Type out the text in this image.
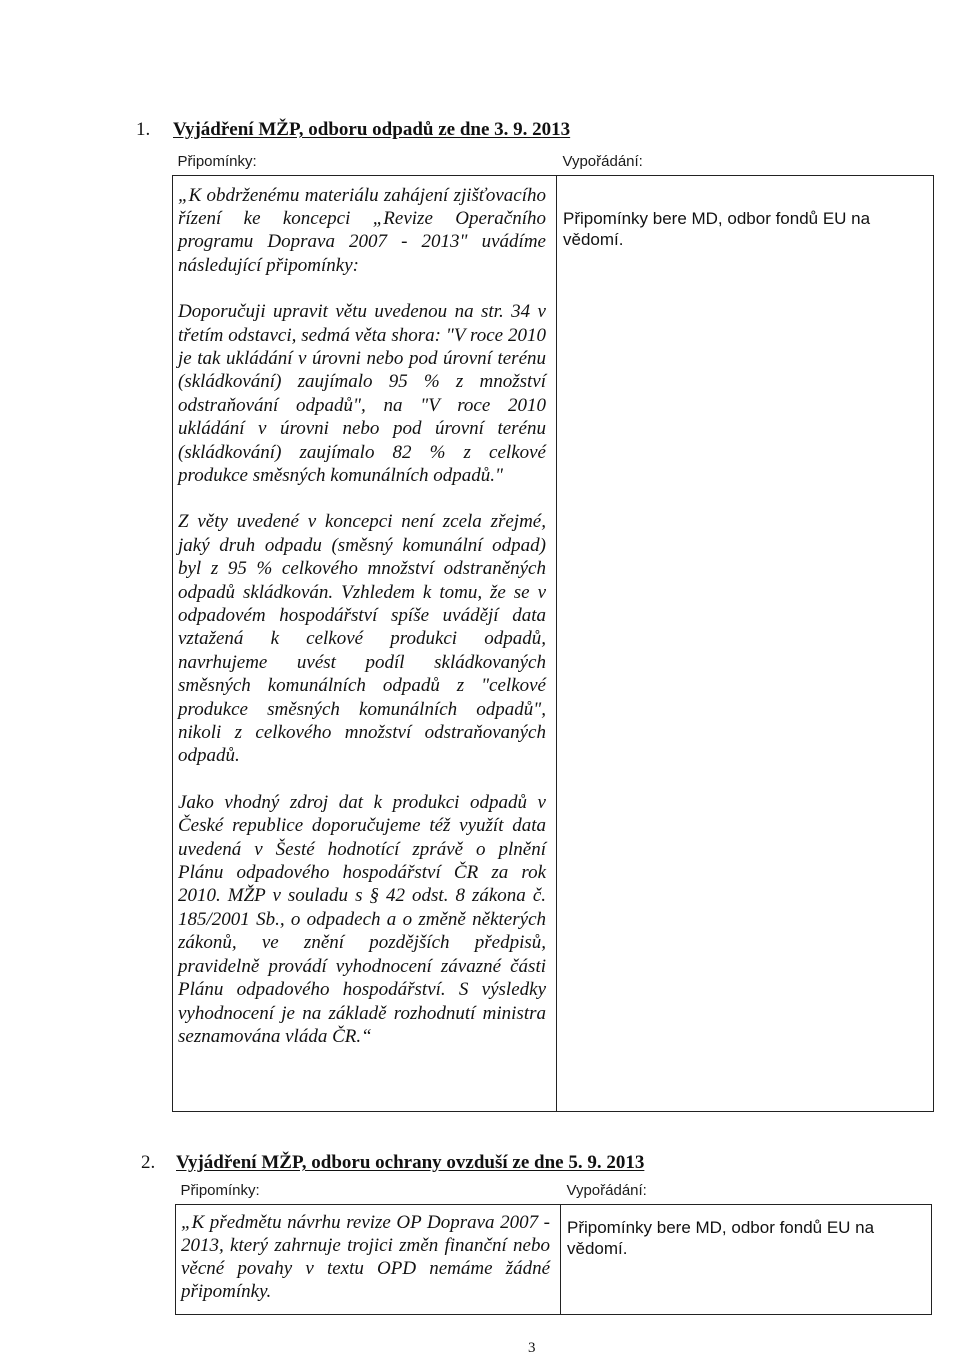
1. Vyjádření MŽP, odboru odpadů ze dne 3. 9. 2013
Připomínky:	Vypořádání:

„K obdrženému materiálu zahájení zjišťovacího řízení ke koncepci „Revize Operačního programu Doprava 2007 - 2013" uvádíme následující připomínky:

Doporučuji upravit větu uvedenou na str. 34 v třetím odstavci, sedmá věta shora: "V roce 2010 je tak ukládání v úrovni nebo pod úrovní terénu (skládkování) zaujímalo 95 % z množství odstraňování odpadů", na "V roce 2010 ukládání v úrovni nebo pod úrovní terénu (skládkování) zaujímalo 82 % z celkové produkce směsných komunálních odpadů."

Z věty uvedené v koncepci není zcela zřejmé, jaký druh odpadu (směsný komunální odpad) byl z 95 % celkového množství odstraněných odpadů skládkován. Vzhledem k tomu, že se v odpadovém hospodářství spíše uvádějí data vztažená k celkové produkci odpadů, navrhujeme uvést podíl skládkovaných směsných komunálních odpadů z "celkové produkce směsných komunálních odpadů", nikoli z celkového množství odstraňovaných odpadů.

Jako vhodný zdroj dat k produkci odpadů v České republice doporučujeme též využít data uvedená v Šesté hodnotící zprávě o plnění Plánu odpadového hospodářství ČR za rok 2010. MŽP v souladu s § 42 odst. 8 zákona č. 185/2001 Sb., o odpadech a o změně některých zákonů, ve znění pozdějších předpisů, pravidelně provádí vyhodnocení závazné části Plánu odpadového hospodářství. S výsledky vyhodnocení je na základě rozhodnutí ministra seznamována vláda ČR.“	Připomínky bere MD, odbor fondů EU na vědomí.
2. Vyjádření MŽP, odboru ochrany ovzduší ze dne 5. 9. 2013
Připomínky:	Vypořádání:

„K předmětu návrhu revize OP Doprava 2007 - 2013, který zahrnuje trojici změn finanční nebo věcné povahy v textu OPD nemáme žádné připomínky.	Připomínky bere MD, odbor fondů EU na vědomí.
3
